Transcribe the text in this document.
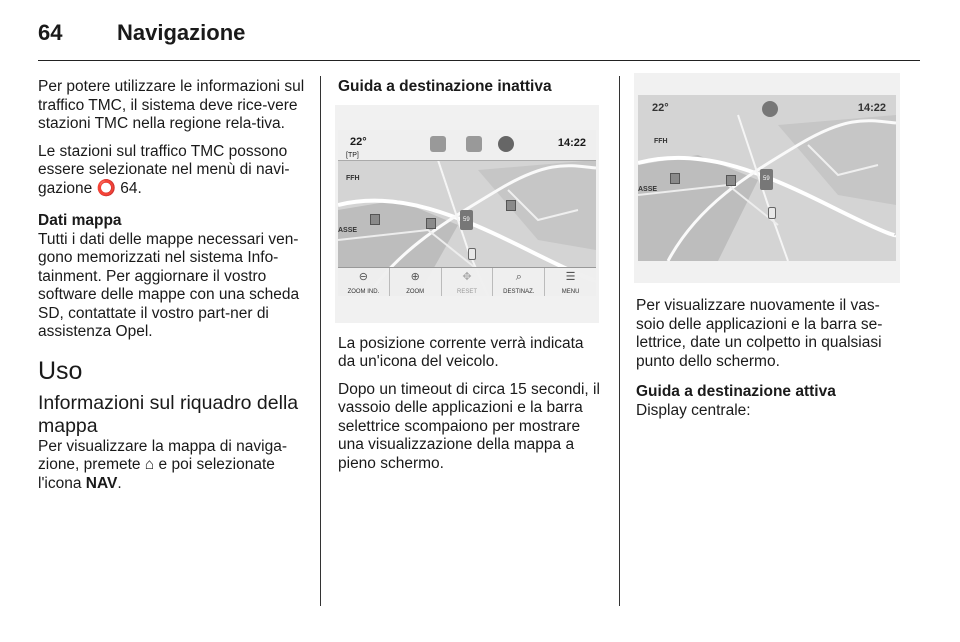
64 Navigazione

Per potere utilizzare le informazioni sul traffico TMC, il sistema deve rice-vere stazioni TMC nella regione rela-tiva.

Le stazioni sul traffico TMC possono essere selezionate nel menù di navi-gazione ⭕ 64.

Dati mappa

Tutti i dati delle mappe necessari ven-gono memorizzati nel sistema Info-tainment. Per aggiornare il vostro software delle mappe con una scheda SD, contattate il vostro part-ner di assistenza Opel.

Uso
Informazioni sul riquadro della mappa

Per visualizzare la mappa di naviga-zione, premete ⌂ e poi selezionate l'icona NAV.

Guida a destinazione inattiva
22°
[TP]
14:22
FFH
ASSE
59
⊖
ZOOM IND.
⊕
ZOOM
✥
RESET
⌕
DESTINAZ.
☰
MENU

La posizione corrente verrà indicata da un'icona del veicolo.

Dopo un timeout di circa 15 secondi, il vassoio delle applicazioni e la barra selettrice scompaiono per mostrare una visualizzazione della mappa a pieno schermo.

22°	14:22
FFH
ASSE
59

Per visualizzare nuovamente il vas-soio delle applicazioni e la barra se-lettrice, date un colpetto in qualsiasi punto dello schermo.

Guida a destinazione attiva

Display centrale:
